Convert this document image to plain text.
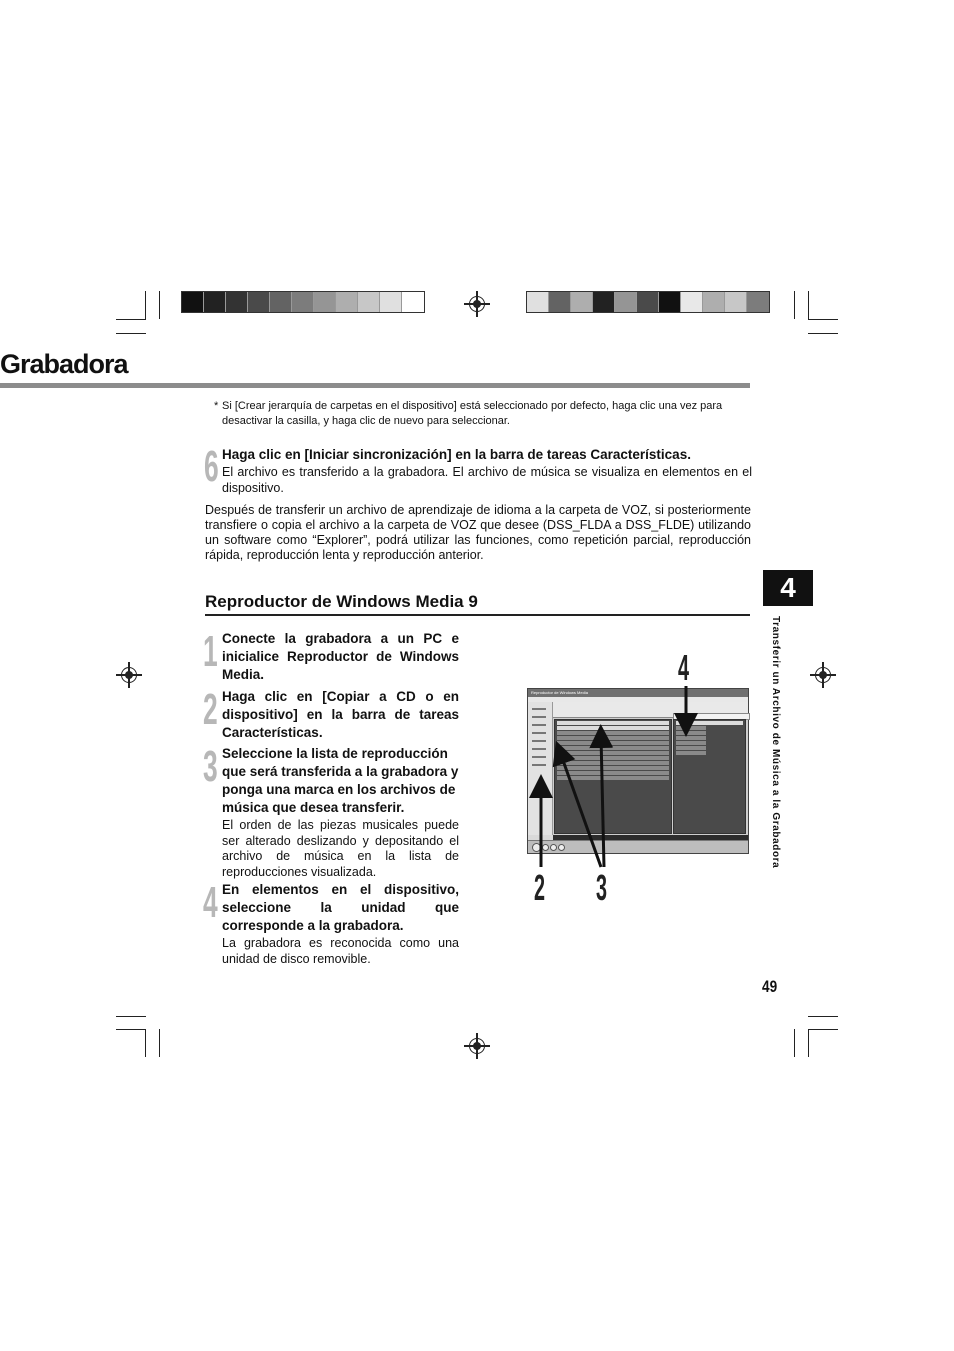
Grabadora
* Si [Crear jerarquía de carpetas en el dispositivo] está seleccionado por defecto, haga clic una vez para desactivar la casilla, y haga clic de nuevo para seleccionar.
6 Haga clic en [Iniciar sincronización] en la barra de tareas Características.
El archivo es transferido a la grabadora. El archivo de música se visualiza en elementos en el dispositivo.
Después de transferir un archivo de aprendizaje de idioma a la carpeta de VOZ, si posteriormente transfiere o copia el archivo a la carpeta de VOZ que desee (DSS_FLDA a DSS_FLDE) utilizando un software como “Explorer”, podrá utilizar las funciones, como repetición parcial, reproducción rápida, reproducción lenta y reproducción anterior.
Reproductor de Windows Media 9
1 Conecte la grabadora a un PC e inicialice Reproductor de Windows Media.
2 Haga clic en [Copiar a CD o en dispositivo] en la barra de tareas Características.
3 Seleccione la lista de reproducción que será transferida a la grabadora y ponga una marca en los archivos de música que desea transferir.
El orden de las piezas musicales puede ser alterado deslizando y depositando el archivo de música en la lista de reproducciones visualizada.
4 En elementos en el dispositivo, seleccione la unidad que corresponde a la grabadora.
La grabadora es reconocida como una unidad de disco removible.
Reproductor de Windows Media
4
2 3
4
Transferir un Archivo de Música a la Grabadora
49
